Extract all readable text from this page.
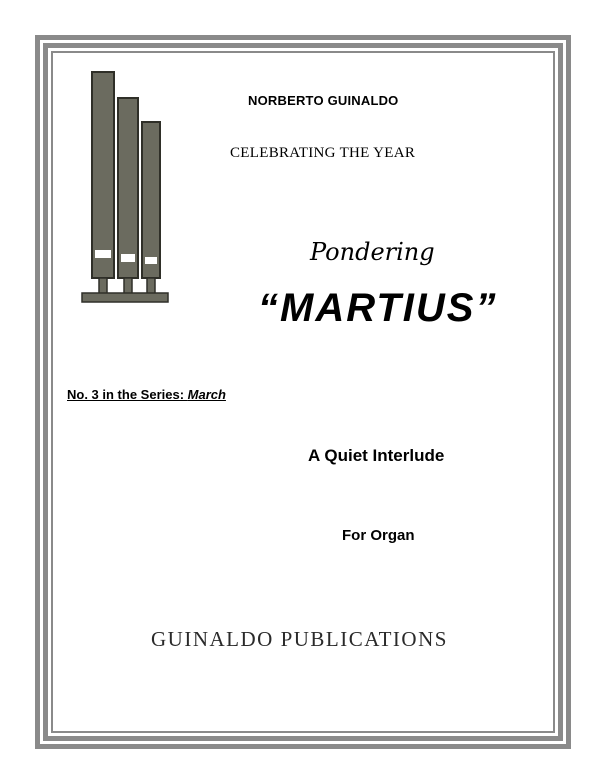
NORBERTO GUINALDO
CELEBRATING THE YEAR
Pondering
“MARTIUS”
No. 3 in the Series: March
A Quiet Interlude
For Organ
GUINALDO PUBLICATIONS
